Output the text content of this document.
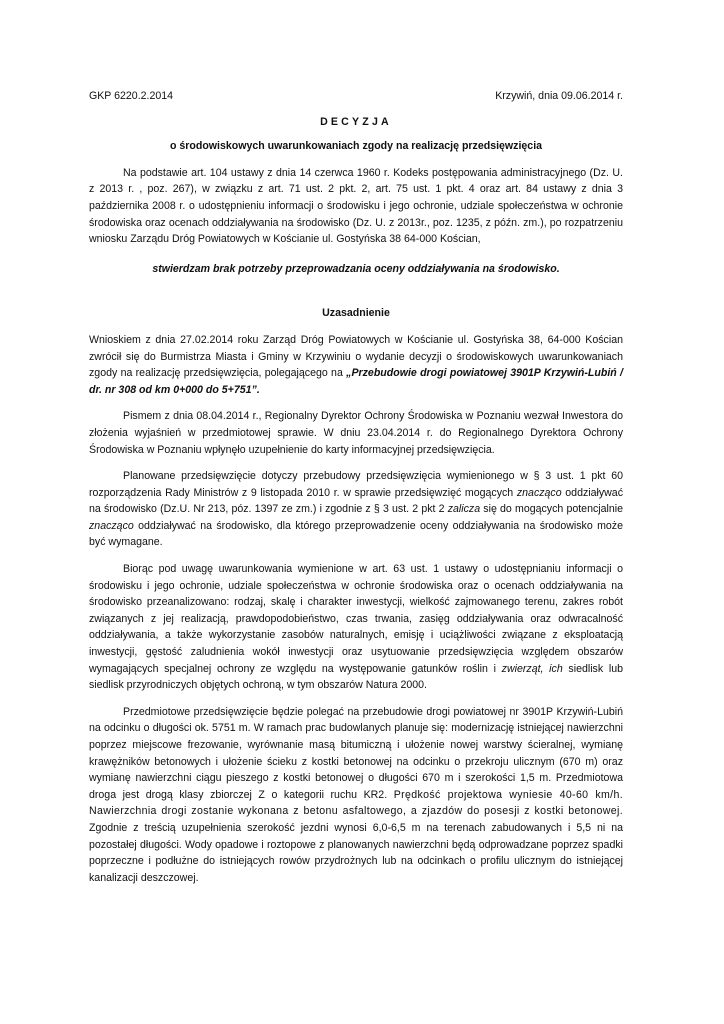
GKP 6220.2.2014	Krzywiń, dnia 09.06.2014 r.
DECYZJA
o środowiskowych uwarunkowaniach zgody na realizację przedsięwzięcia

Na podstawie art. 104 ustawy z dnia 14 czerwca 1960 r. Kodeks postępowania administracyjnego (Dz. U. z 2013 r. , poz. 267), w związku z art. 71 ust. 2 pkt. 2, art. 75 ust. 1 pkt. 4 oraz art. 84 ustawy z dnia 3 października 2008 r. o udostępnieniu informacji o środowisku i jego ochronie, udziale społeczeństwa w ochronie środowiska oraz ocenach oddziaływania na środowisko (Dz. U. z 2013r., poz. 1235, z późn. zm.), po rozpatrzeniu wniosku Zarządu Dróg Powiatowych w Kościanie ul. Gostyńska 38 64-000 Kościan,

stwierdzam brak potrzeby przeprowadzania oceny oddziaływania na środowisko.
Uzasadnienie

Wnioskiem z dnia 27.02.2014 roku Zarząd Dróg Powiatowych w Kościanie ul. Gostyńska 38, 64-000 Kościan zwrócił się do Burmistrza Miasta i Gminy w Krzywiniu o wydanie decyzji o środowiskowych uwarunkowaniach zgody na realizację przedsięwzięcia, polegającego na „Przebudowie drogi powiatowej 3901P Krzywiń-Lubiń / dr. nr 308 od km 0+000 do 5+751”.

Pismem z dnia 08.04.2014 r., Regionalny Dyrektor Ochrony Środowiska w Poznaniu wezwał Inwestora do złożenia wyjaśnień w przedmiotowej sprawie. W dniu 23.04.2014 r. do Regionalnego Dyrektora Ochrony Środowiska w Poznaniu wpłynęło uzupełnienie do karty informacyjnej przedsięwzięcia.

Planowane przedsięwzięcie dotyczy przebudowy przedsięwzięcia wymienionego w § 3 ust. 1 pkt 60 rozporządzenia Rady Ministrów z 9 listopada 2010 r. w sprawie przedsięwzięć mogących znacząco oddziaływać na środowisko (Dz.U. Nr 213, póz. 1397 ze zm.) i zgodnie z § 3 ust. 2 pkt 2 zalicza się do mogących potencjalnie znacząco oddziaływać na środowisko, dla którego przeprowadzenie oceny oddziaływania na środowisko może być wymagane.

Biorąc pod uwagę uwarunkowania wymienione w art. 63 ust. 1 ustawy o udostępnianiu informacji o środowisku i jego ochronie, udziale społeczeństwa w ochronie środowiska oraz o ocenach oddziaływania na środowisko przeanalizowano: rodzaj, skalę i charakter inwestycji, wielkość zajmowanego terenu, zakres robót związanych z jej realizacją, prawdopodobieństwo, czas trwania, zasięg oddziaływania oraz odwracalność oddziaływania, a także wykorzystanie zasobów naturalnych, emisję i uciążliwości związane z eksploatacją inwestycji, gęstość zaludnienia wokół inwestycji oraz usytuowanie przedsięwzięcia względem obszarów wymagających specjalnej ochrony ze względu na występowanie gatunków roślin i zwierząt, ich siedlisk lub siedlisk przyrodniczych objętych ochroną, w tym obszarów Natura 2000.

Przedmiotowe przedsięwzięcie będzie polegać na przebudowie drogi powiatowej nr 3901P Krzywiń-Lubiń na odcinku o długości ok. 5751 m. W ramach prac budowlanych planuje się: modernizację istniejącej nawierzchni poprzez miejscowe frezowanie, wyrównanie masą bitumiczną i ułożenie nowej warstwy ścieralnej, wymianę krawężników betonowych i ułożenie ścieku z kostki betonowej na odcinku o przekroju ulicznym (670 m) oraz wymianę nawierzchni ciągu pieszego z kostki betonowej o długości 670 m i szerokości 1,5 m. Przedmiotowa droga jest drogą klasy zbiorczej Z o kategorii ruchu KR2. Prędkość projektowa wyniesie 40-60 km/h. Nawierzchnia drogi zostanie wykonana z betonu asfaltowego, a zjazdów do posesji z kostki betonowej. Zgodnie z treścią uzupełnienia szerokość jezdni wynosi 6,0-6,5 m na terenach zabudowanych i 5,5 ni na pozostałej długości. Wody opadowe i roztopowe z planowanych nawierzchni będą odprowadzane poprzez spadki poprzeczne i podłużne do istniejących rowów przydrożnych lub na odcinkach o profilu ulicznym do istniejącej kanalizacji deszczowej.
